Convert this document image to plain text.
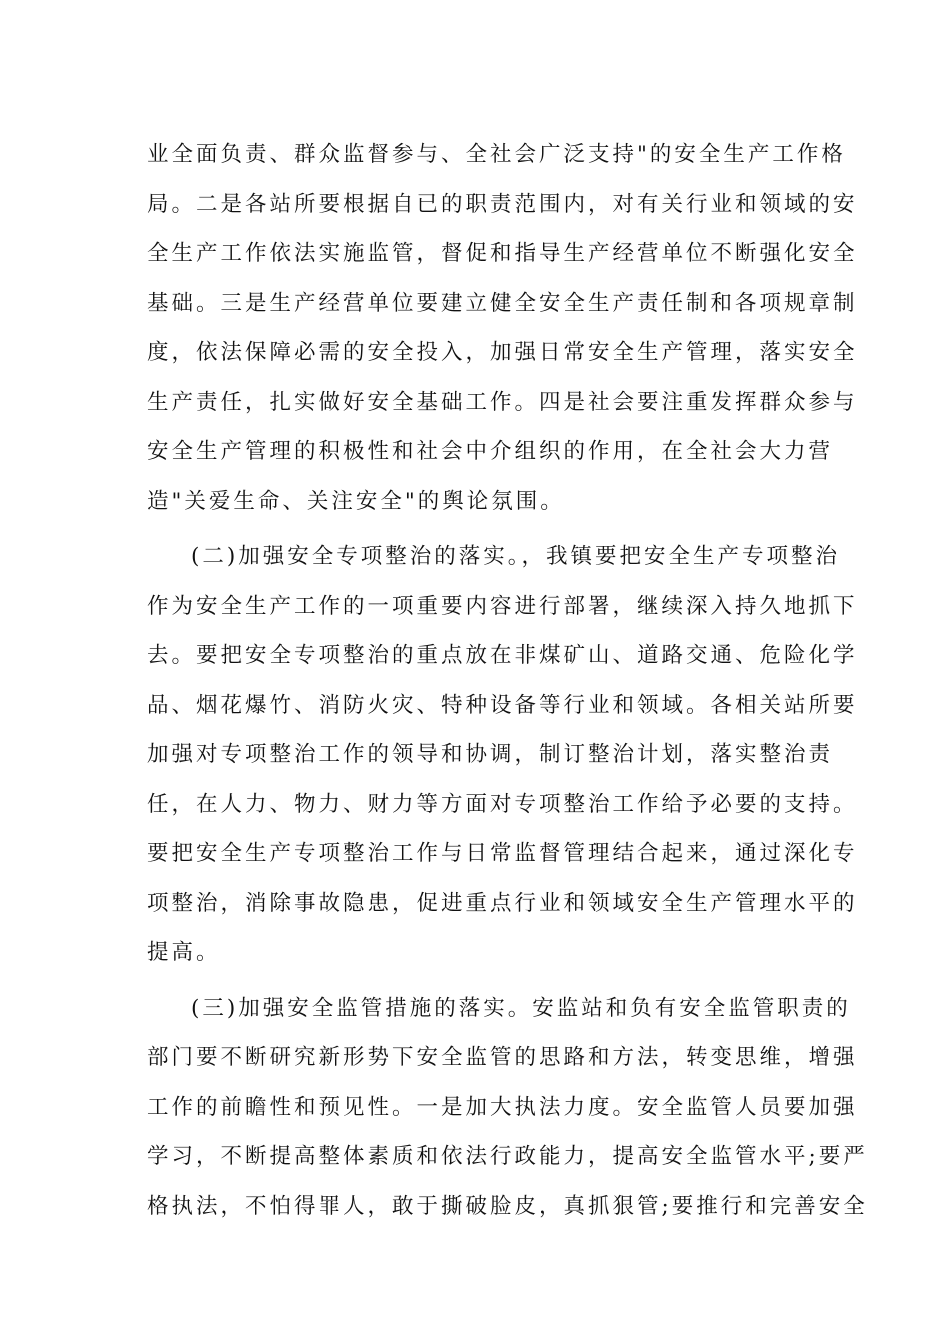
业全面负责、群众监督参与、全社会广泛支持"的安全生产工作格
局。二是各站所要根据自已的职责范围内，对有关行业和领域的安
全生产工作依法实施监管，督促和指导生产经营单位不断强化安全
基础。三是生产经营单位要建立健全安全生产责任制和各项规章制
度，依法保障必需的安全投入，加强日常安全生产管理，落实安全
生产责任，扎实做好安全基础工作。四是社会要注重发挥群众参与
安全生产管理的积极性和社会中介组织的作用，在全社会大力营
造"关爱生命、关注安全"的舆论氛围。
(二)加强安全专项整治的落实。，我镇要把安全生产专项整治
作为安全生产工作的一项重要内容进行部署，继续深入持久地抓下
去。要把安全专项整治的重点放在非煤矿山、道路交通、危险化学
品、烟花爆竹、消防火灾、特种设备等行业和领域。各相关站所要
加强对专项整治工作的领导和协调，制订整治计划，落实整治责
任，在人力、物力、财力等方面对专项整治工作给予必要的支持。
要把安全生产专项整治工作与日常监督管理结合起来，通过深化专
项整治，消除事故隐患，促进重点行业和领域安全生产管理水平的
提高。
(三)加强安全监管措施的落实。安监站和负有安全监管职责的
部门要不断研究新形势下安全监管的思路和方法，转变思维，增强
工作的前瞻性和预见性。一是加大执法力度。安全监管人员要加强
学习，不断提高整体素质和依法行政能力，提高安全监管水平;要严
格执法，不怕得罪人，敢于撕破脸皮，真抓狠管;要推行和完善安全
